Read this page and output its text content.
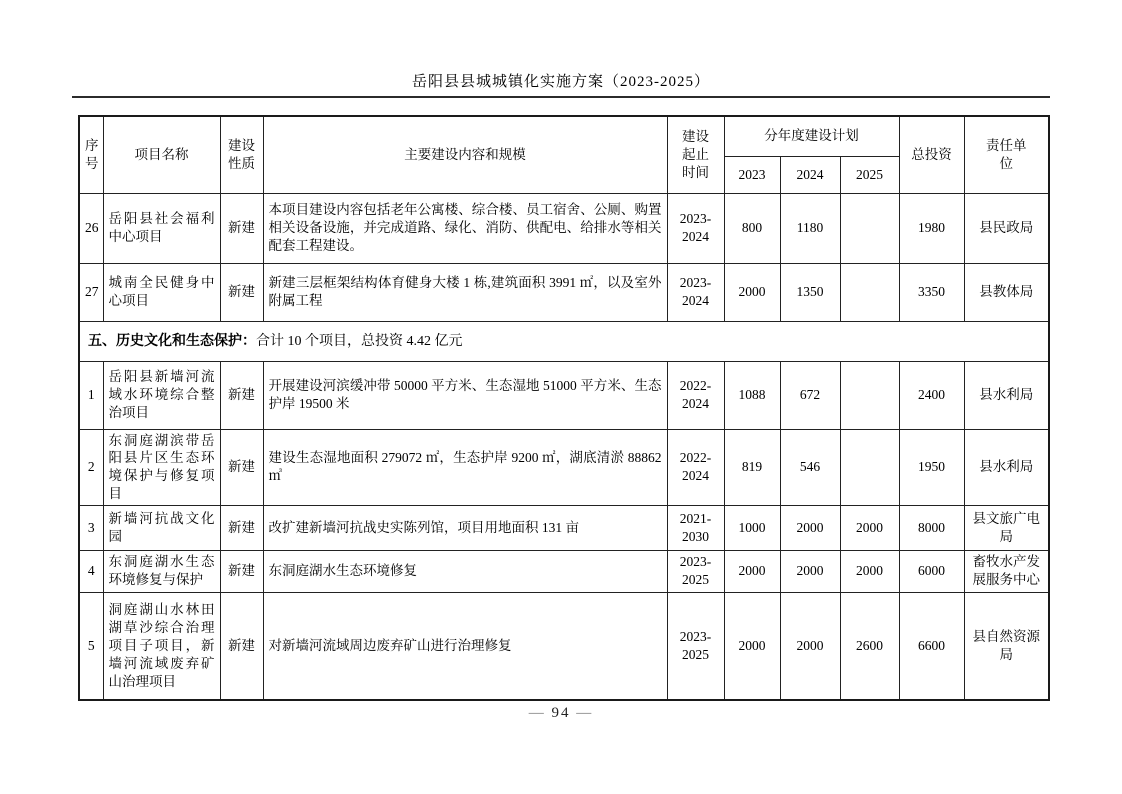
岳阳县县城城镇化实施方案（2023-2025）
序号	项目名称	建设性质	主要建设内容和规模	建设起止时间	分年度建设计划			总投资	责任单位
					2023	2024	2025		
26	岳阳县社会福利中心项目	新建	本项目建设内容包括老年公寓楼、综合楼、员工宿舍、公厕、购置相关设备设施，并完成道路、绿化、消防、供配电、给排水等相关配套工程建设。	2023-2024	800	1180		1980	县民政局
27	城南全民健身中心项目	新建	新建三层框架结构体育健身大楼 1 栋,建筑面积 3991 ㎡，以及室外附属工程	2023-2024	2000	1350		3350	县教体局
五、历史文化和生态保护：合计 10 个项目，总投资 4.42 亿元									
1	岳阳县新墙河流域水环境综合整治项目	新建	开展建设河滨缓冲带 50000 平方米、生态湿地 51000 平方米、生态护岸 19500 米	2022-2024	1088	672		2400	县水利局
2	东洞庭湖滨带岳阳县片区生态环境保护与修复项目	新建	建设生态湿地面积 279072 ㎡，生态护岸 9200 ㎡，湖底清淤 88862 ㎥	2022-2024	819	546		1950	县水利局
3	新墙河抗战文化园	新建	改扩建新墙河抗战史实陈列馆，项目用地面积 131 亩	2021-2030	1000	2000	2000	8000	县文旅广电局
4	东洞庭湖水生态环境修复与保护	新建	东洞庭湖水生态环境修复	2023-2025	2000	2000	2000	6000	畜牧水产发展服务中心
5	洞庭湖山水林田湖草沙综合治理项目子项目，新墙河流域废弃矿山治理项目	新建	对新墙河流域周边废弃矿山进行治理修复	2023-2025	2000	2000	2600	6600	县自然资源局
— 94 —
